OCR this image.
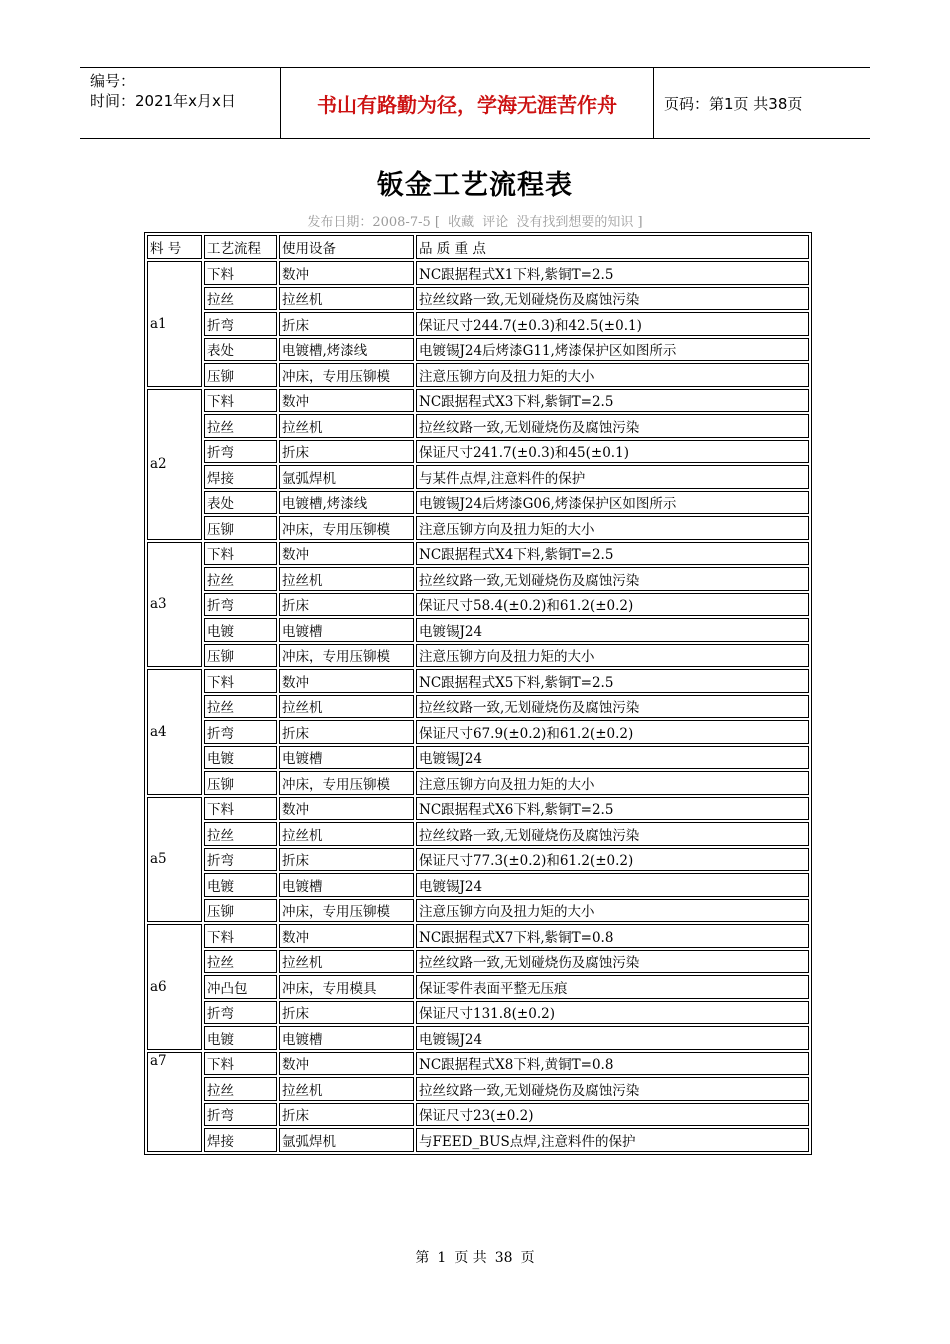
编号：
时间：2021年x月x日	书山有路勤为径，学海无涯苦作舟	页码：第1页 共38页
钣金工艺流程表
发布日期：2008-7-5 [ 收藏 评论 没有找到想要的知识 ]
料 号	工艺流程	使用设备	品 质 重 点
a1	下料	数冲	NC跟据程式X1下料,紫铜T=2.5
	拉丝	拉丝机	拉丝纹路一致,无划碰烧伤及腐蚀污染
	折弯	折床	保证尺寸244.7(±0.3)和42.5(±0.1)
	表处	电镀槽,烤漆线	电镀锡J24后烤漆G11,烤漆保护区如图所示
	压铆	冲床，专用压铆模	注意压铆方向及扭力矩的大小
a2	下料	数冲	NC跟据程式X3下料,紫铜T=2.5
	拉丝	拉丝机	拉丝纹路一致,无划碰烧伤及腐蚀污染
	折弯	折床	保证尺寸241.7(±0.3)和45(±0.1)
	焊接	氩弧焊机	与某件点焊,注意料件的保护
	表处	电镀槽,烤漆线	电镀锡J24后烤漆G06,烤漆保护区如图所示
	压铆	冲床，专用压铆模	注意压铆方向及扭力矩的大小
a3	下料	数冲	NC跟据程式X4下料,紫铜T=2.5
	拉丝	拉丝机	拉丝纹路一致,无划碰烧伤及腐蚀污染
	折弯	折床	保证尺寸58.4(±0.2)和61.2(±0.2)
	电镀	电镀槽	电镀锡J24
	压铆	冲床，专用压铆模	注意压铆方向及扭力矩的大小
a4	下料	数冲	NC跟据程式X5下料,紫铜T=2.5
	拉丝	拉丝机	拉丝纹路一致,无划碰烧伤及腐蚀污染
	折弯	折床	保证尺寸67.9(±0.2)和61.2(±0.2)
	电镀	电镀槽	电镀锡J24
	压铆	冲床，专用压铆模	注意压铆方向及扭力矩的大小
a5	下料	数冲	NC跟据程式X6下料,紫铜T=2.5
	拉丝	拉丝机	拉丝纹路一致,无划碰烧伤及腐蚀污染
	折弯	折床	保证尺寸77.3(±0.2)和61.2(±0.2)
	电镀	电镀槽	电镀锡J24
	压铆	冲床，专用压铆模	注意压铆方向及扭力矩的大小
a6	下料	数冲	NC跟据程式X7下料,紫铜T=0.8
	拉丝	拉丝机	拉丝纹路一致,无划碰烧伤及腐蚀污染
	冲凸包	冲床，专用模具	保证零件表面平整无压痕
	折弯	折床	保证尺寸131.8(±0.2)
	电镀	电镀槽	电镀锡J24
a7	下料	数冲	NC跟据程式X8下料,黄铜T=0.8
	拉丝	拉丝机	拉丝纹路一致,无划碰烧伤及腐蚀污染
	折弯	折床	保证尺寸23(±0.2)
	焊接	氩弧焊机	与FEED_BUS点焊,注意料件的保护
第 1 页 共 38 页
